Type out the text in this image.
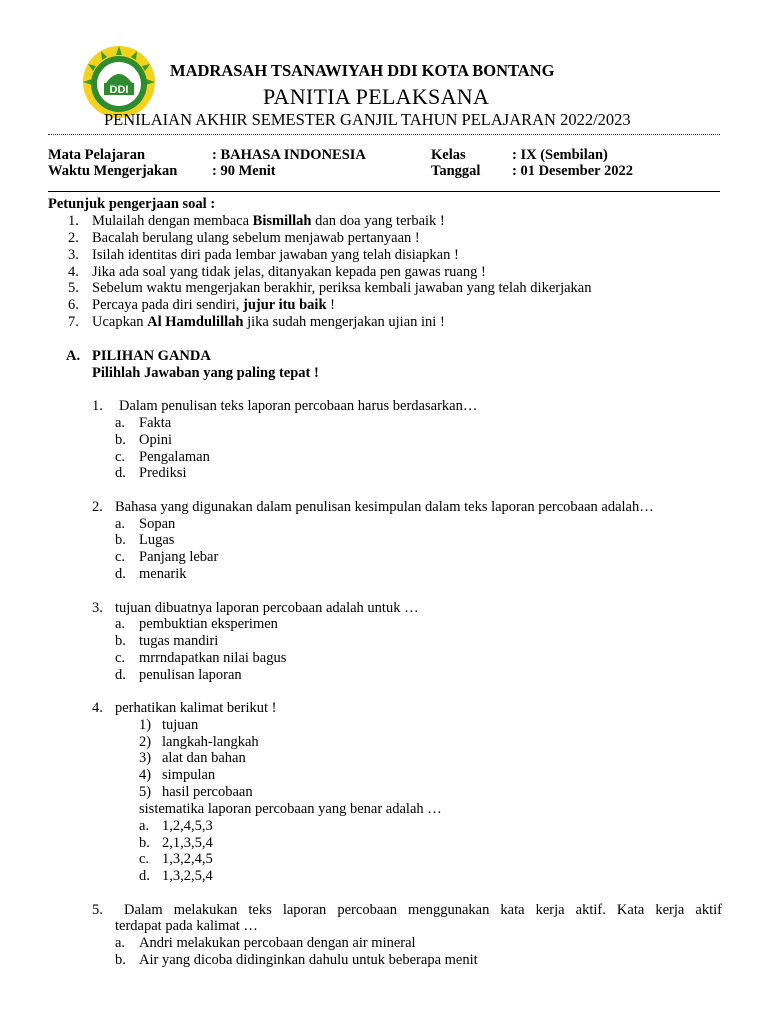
DDI
MADRASAH TSANAWIYAH DDI KOTA BONTANG
PANITIA PELAKSANA
PENILAIAN AKHIR SEMESTER GANJIL TAHUN PELAJARAN 2022/2023
Mata Pelajaran	: BAHASA INDONESIA	Kelas	: IX (Sembilan)
Waktu Mengerjakan : 90 Menit	Tanggal : 01 Desember 2022
Petunjuk pengerjaan soal :
1. Mulailah dengan membaca Bismillah dan doa yang terbaik !
2. Bacalah berulang ulang sebelum menjawab pertanyaan !
3. Isilah identitas diri pada lembar jawaban yang telah disiapkan !
4. Jika ada soal yang tidak jelas, ditanyakan kepada pen gawas ruang !
5. Sebelum waktu mengerjakan berakhir, periksa kembali jawaban yang telah dikerjakan
6. Percaya pada diri sendiri, jujur itu baik !
7. Ucapkan Al Hamdulillah jika sudah mengerjakan ujian ini !
A. PILIHAN GANDA
Pilihlah Jawaban yang paling tepat !
1. Dalam penulisan teks laporan percobaan harus berdasarkan…
a. Fakta
b. Opini
c. Pengalaman
d. Prediksi
2. Bahasa yang digunakan dalam penulisan kesimpulan dalam teks laporan percobaan adalah…
a. Sopan
b. Lugas
c. Panjang lebar
d. menarik
3. tujuan dibuatnya laporan percobaan adalah untuk …
a. pembuktian eksperimen
b. tugas mandiri
c. mrrndapatkan nilai bagus
d. penulisan laporan
4. perhatikan kalimat berikut !
1) tujuan
2) langkah-langkah
3) alat dan bahan
4) simpulan
5) hasil percobaan
sistematika laporan percobaan yang benar adalah …
a. 1,2,4,5,3
b. 2,1,3,5,4
c. 1,3,2,4,5
d. 1,3,2,5,4
5. Dalam melakukan teks laporan percobaan menggunakan kata kerja aktif. Kata kerja aktif
terdapat pada kalimat …
a. Andri melakukan percobaan dengan air mineral
b. Air yang dicoba didinginkan dahulu untuk beberapa menit
